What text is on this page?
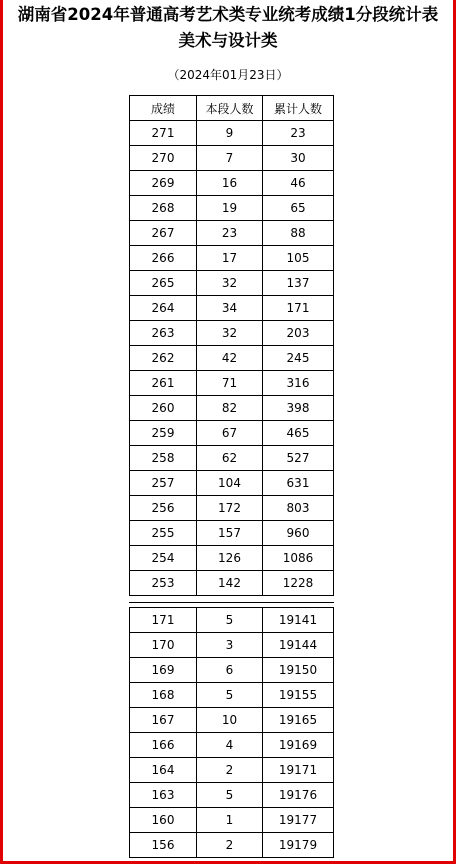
湖南省2024年普通高考艺术类专业统考成绩1分段统计表
美术与设计类
（2024年01月23日）
成绩	本段人数	累计人数
271	9	23
270	7	30
269	16	46
268	19	65
267	23	88
266	17	105
265	32	137
264	34	171
263	32	203
262	42	245
261	71	316
260	82	398
259	67	465
258	62	527
257	104	631
256	172	803
255	157	960
254	126	1086
253	142	1228
171	5	19141
170	3	19144
169	6	19150
168	5	19155
167	10	19165
166	4	19169
164	2	19171
163	5	19176
160	1	19177
156	2	19179
